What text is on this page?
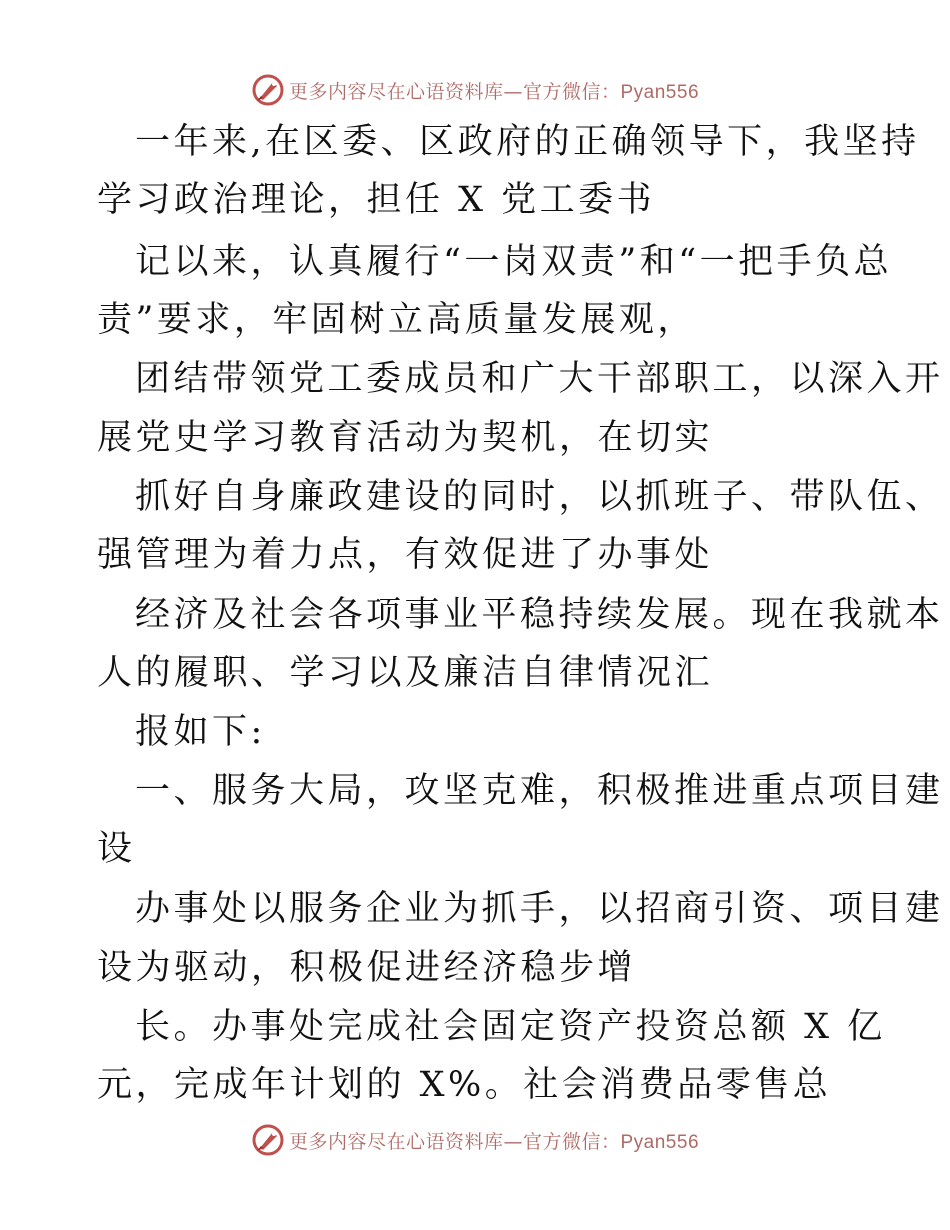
更多内容尽在心语资料库—官方微信：Pyan556
一年来,在区委、区政府的正确领导下，我坚持
学习政治理论，担任 X 党工委书
记以来，认真履行“一岗双责”和“一把手负总
责”要求，牢固树立高质量发展观，
团结带领党工委成员和广大干部职工，以深入开
展党史学习教育活动为契机，在切实
抓好自身廉政建设的同时，以抓班子、带队伍、
强管理为着力点，有效促进了办事处
经济及社会各项事业平稳持续发展。现在我就本
人的履职、学习以及廉洁自律情况汇
报如下:
一、服务大局，攻坚克难，积极推进重点项目建
设
办事处以服务企业为抓手，以招商引资、项目建
设为驱动，积极促进经济稳步增
长。办事处完成社会固定资产投资总额 X 亿
元，完成年计划的 X%。社会消费品零售总
更多内容尽在心语资料库—官方微信：Pyan556
